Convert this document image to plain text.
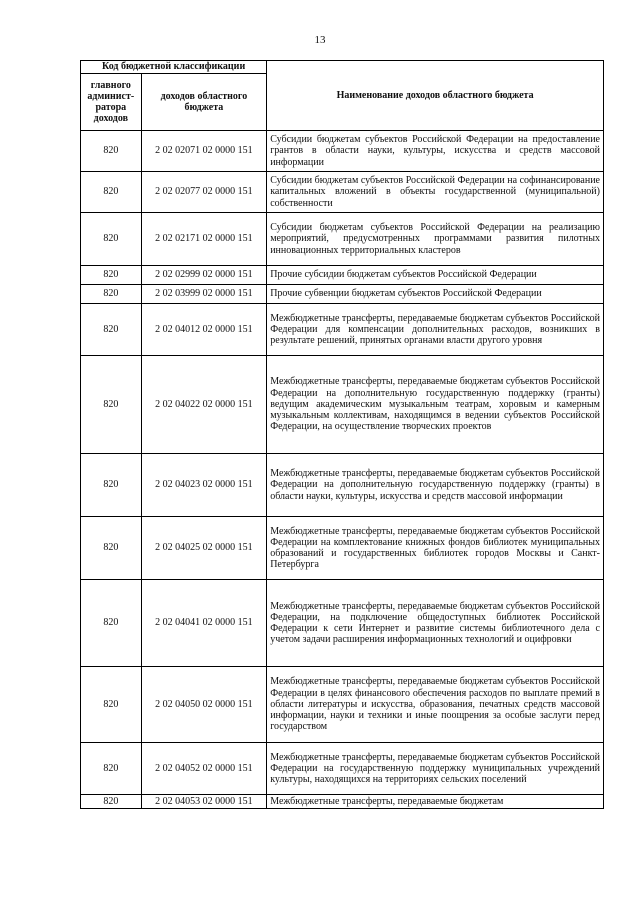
13
Код бюджетной классификации		Наименование доходов областного бюджета
главного админист-ратора доходов	доходов областного бюджета	
820	2 02 02071 02 0000 151	Субсидии бюджетам субъектов Российской Федерации на предоставление грантов в области науки, культуры, искусства и средств массовой информации
820	2 02 02077 02 0000 151	Субсидии бюджетам субъектов Российской Федерации на софинансирование капитальных вложений в объекты государственной (муниципальной) собственности
820	2 02 02171 02 0000 151	Субсидии бюджетам субъектов Российской Федерации на реализацию мероприятий, предусмотренных программами развития пилотных инновационных территориальных кластеров
820	2 02 02999 02 0000 151	Прочие субсидии бюджетам субъектов Российской Федерации
820	2 02 03999 02 0000 151	Прочие субвенции бюджетам субъектов Российской Федерации
820	2 02 04012 02 0000 151	Межбюджетные трансферты, передаваемые бюджетам субъектов Российской Федерации для компенсации дополнительных расходов, возникших в результате решений, принятых органами власти другого уровня
820	2 02 04022 02 0000 151	Межбюджетные трансферты, передаваемые бюджетам субъектов Российской Федерации на дополнительную государственную поддержку (гранты) ведущим академическим музыкальным театрам, хоровым и камерным музыкальным коллективам, находящимся в ведении субъектов Российской Федерации, на осуществление творческих проектов
820	2 02 04023 02 0000 151	Межбюджетные трансферты, передаваемые бюджетам субъектов Российской Федерации на дополнительную государственную поддержку (гранты) в области науки, культуры, искусства и средств массовой информации
820	2 02 04025 02 0000 151	Межбюджетные трансферты, передаваемые бюджетам субъектов Российской Федерации на комплектование книжных фондов библиотек муниципальных образований и государственных библиотек городов Москвы и Санкт-Петербурга
820	2 02 04041 02 0000 151	Межбюджетные трансферты, передаваемые бюджетам субъектов Российской Федерации, на подключение общедоступных библиотек Российской Федерации к сети Интернет и развитие системы библиотечного дела с учетом задачи расширения информационных технологий и оцифровки
820	2 02 04050 02 0000 151	Межбюджетные трансферты, передаваемые бюджетам субъектов Российской Федерации в целях финансового обеспечения расходов по выплате премий в области литературы и искусства, образования, печатных средств массовой информации, науки и техники и иные поощрения за особые заслуги перед государством
820	2 02 04052 02 0000 151	Межбюджетные трансферты, передаваемые бюджетам субъектов Российской Федерации на государственную поддержку муниципальных учреждений культуры, находящихся на территориях сельских поселений
820	2 02 04053 02 0000 151	Межбюджетные трансферты, передаваемые бюджетам
